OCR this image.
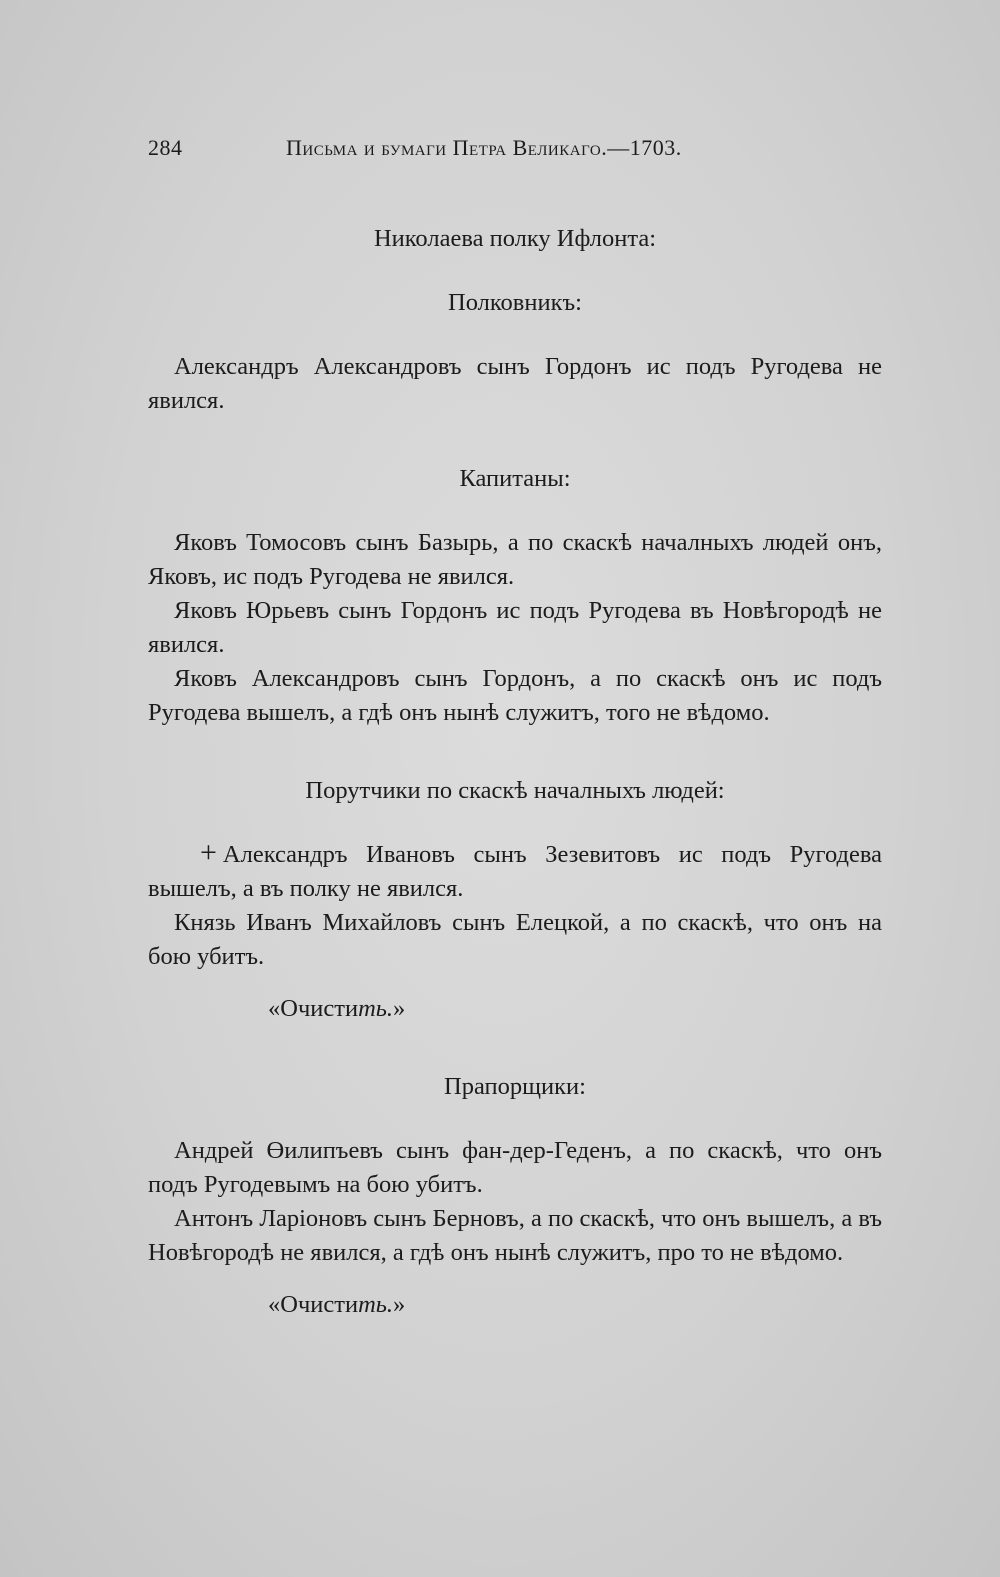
284	Письма и бумаги Петра Великаго.—1703.

Николаева полку Ифлонта:

Полковникъ:

Александръ Александровъ сынъ Гордонъ ис подъ Ругодева не явился.

Капитаны:

Яковъ Томосовъ сынъ Базырь, а по скаскѣ началныхъ людей онъ, Яковъ, ис подъ Ругодева не явился.

Яковъ Юрьевъ сынъ Гордонъ ис подъ Ругодева въ Новѣгородѣ не явился.

Яковъ Александровъ сынъ Гордонъ, а по скаскѣ онъ ис подъ Ругодева вышелъ, а гдѣ онъ нынѣ служитъ, того не вѣдомо.

Порутчики по скаскѣ началныхъ людей:

+ Александръ Ивановъ сынъ Зезевитовъ ис подъ Ругодева вышелъ, а въ полку не явился.

Князь Иванъ Михайловъ сынъ Елецкой, а по скаскѣ, что онъ на бою убитъ.

«Очистить.»

Прапорщики:

Андрей Өилипъевъ сынъ фан-дер-Геденъ, а по скаскѣ, что онъ подъ Ругодевымъ на бою убитъ.

Антонъ Ларіоновъ сынъ Берновъ, а по скаскѣ, что онъ вышелъ, а въ Новѣгородѣ не явился, а гдѣ онъ нынѣ служитъ, про то не вѣдомо.

«Очистить.»
